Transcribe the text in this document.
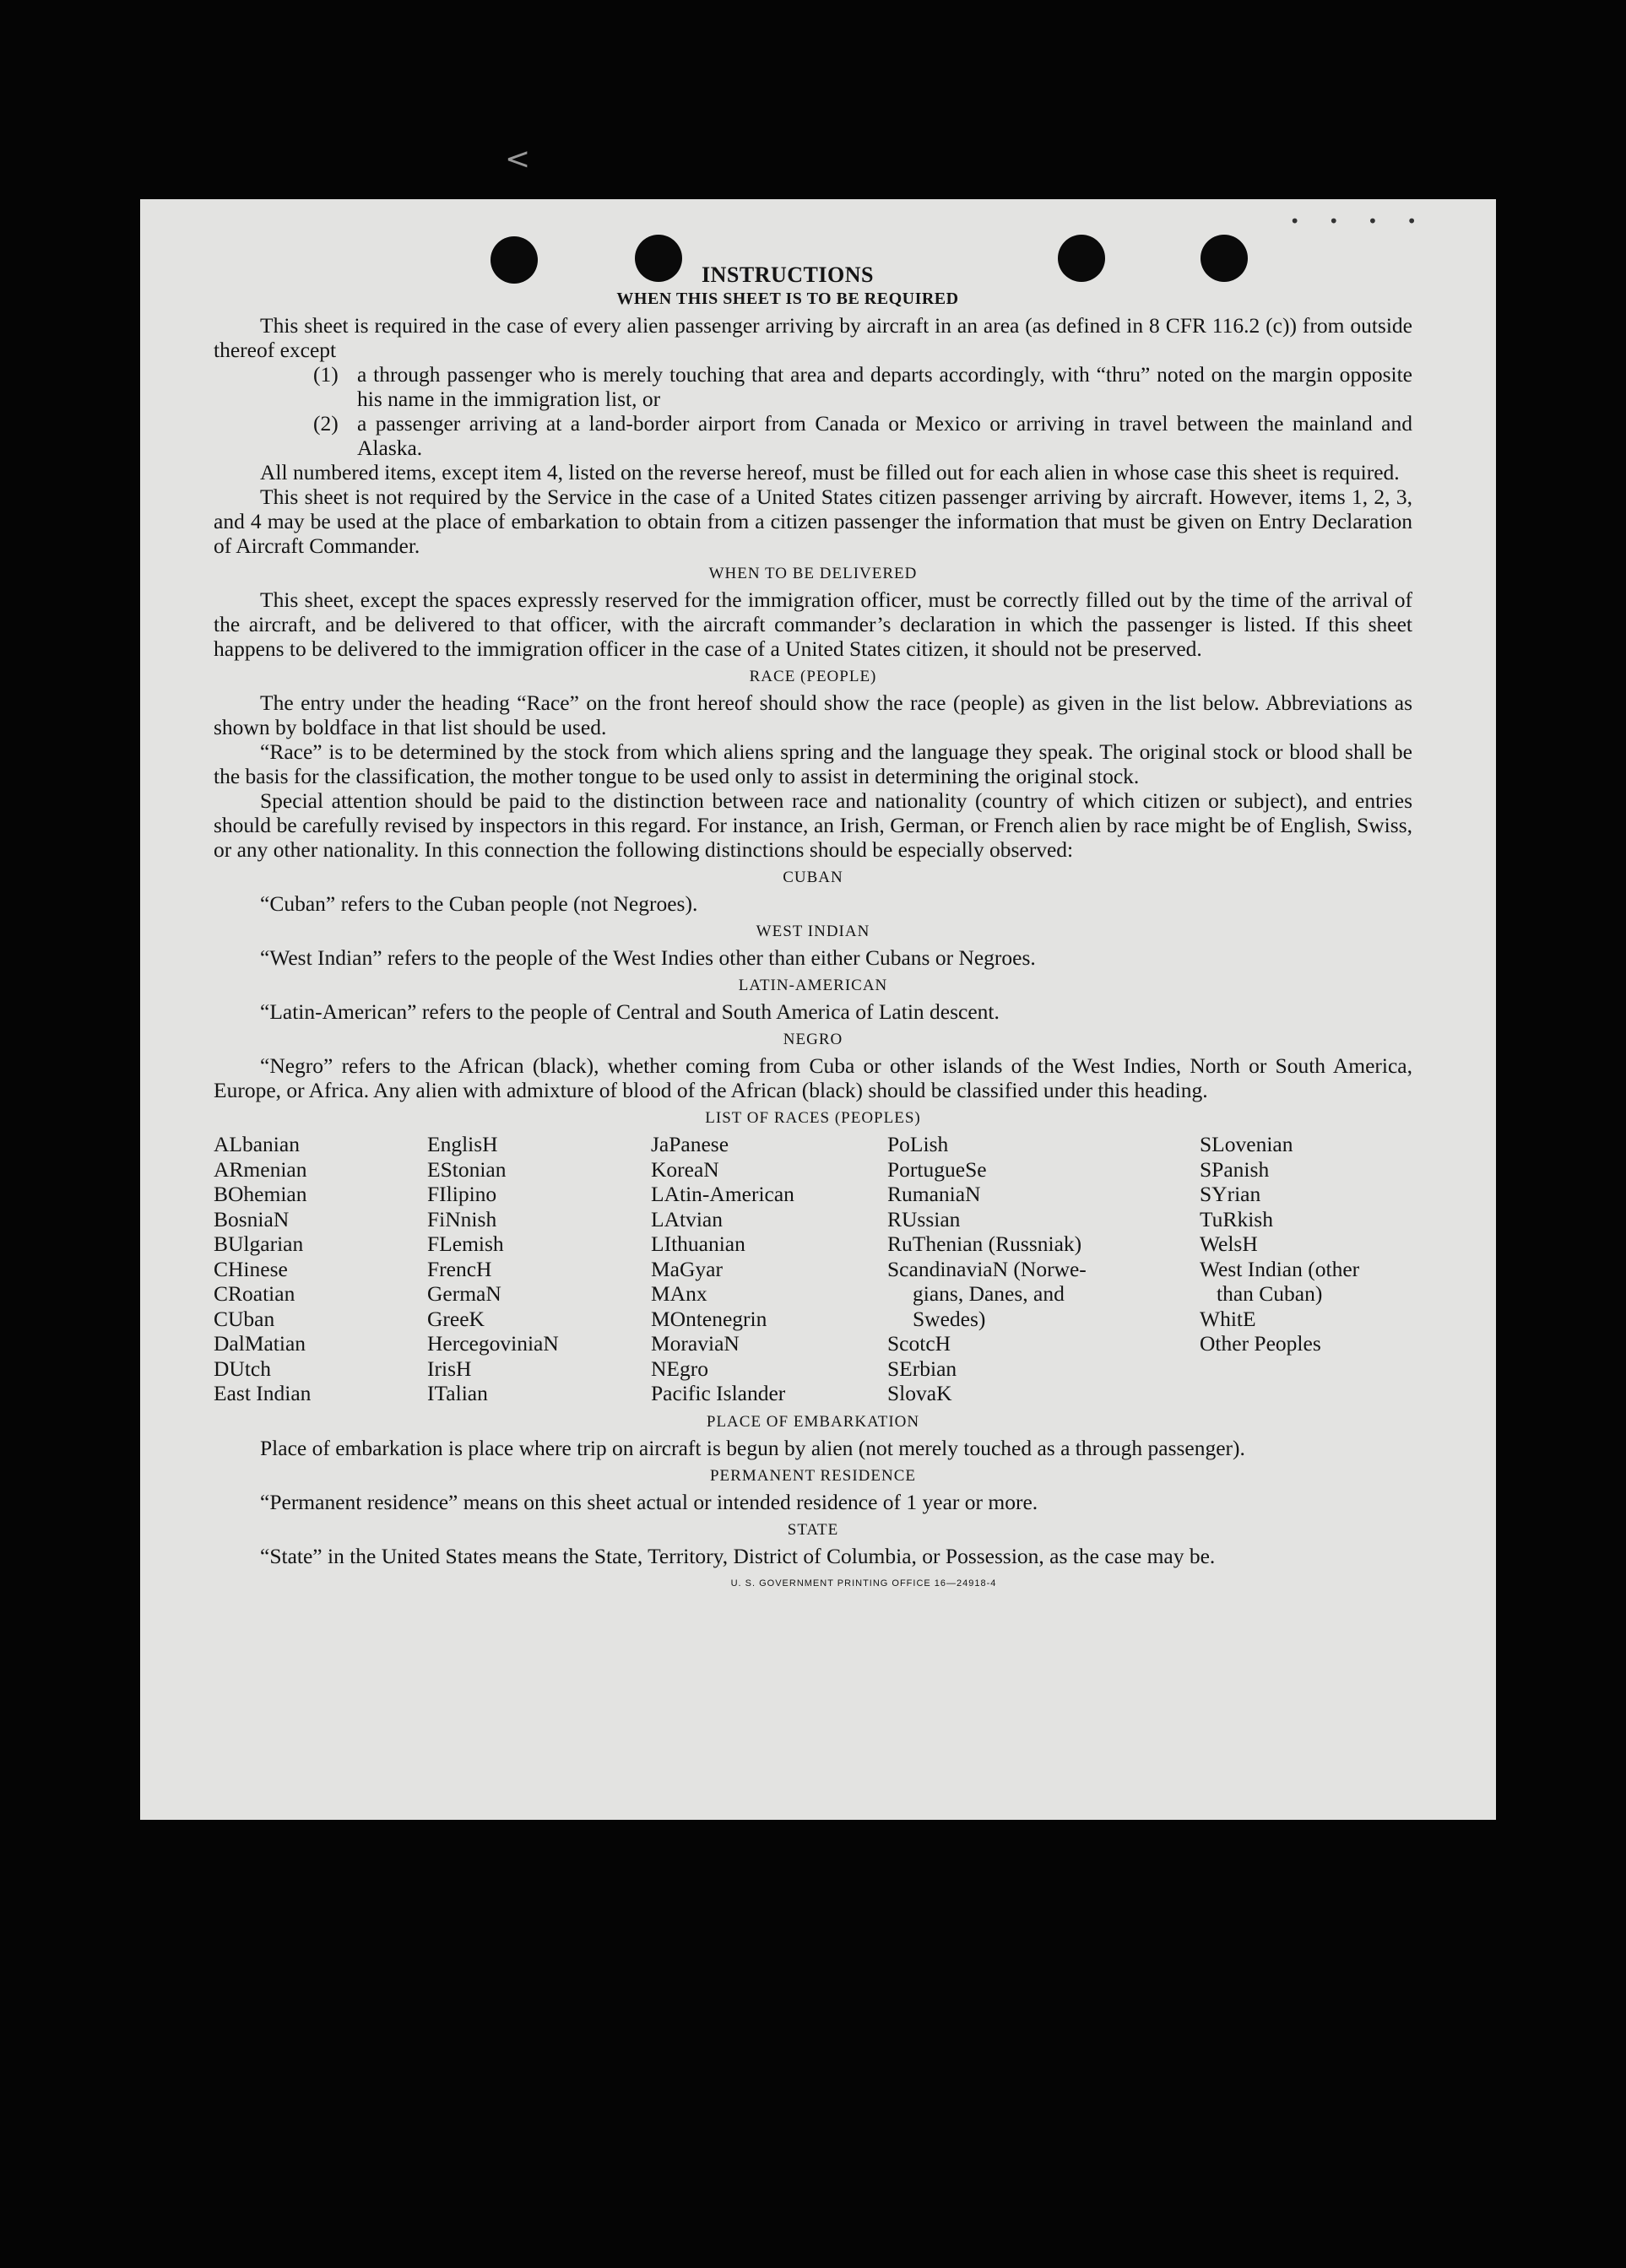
<
• • • •
INSTRUCTIONS
WHEN THIS SHEET IS TO BE REQUIRED

This sheet is required in the case of every alien passenger arriving by aircraft in an area (as defined in 8 CFR 116.2 (c)) from outside thereof except

(1) a through passenger who is merely touching that area and departs accordingly, with “thru” noted on the margin opposite his name in the immigration list, or
(2) a passenger arriving at a land-border airport from Canada or Mexico or arriving in travel between the mainland and Alaska.

All numbered items, except item 4, listed on the reverse hereof, must be filled out for each alien in whose case this sheet is required.

This sheet is not required by the Service in the case of a United States citizen passenger arriving by aircraft. However, items 1, 2, 3, and 4 may be used at the place of embarkation to obtain from a citizen passenger the information that must be given on Entry Declaration of Aircraft Commander.

WHEN TO BE DELIVERED

This sheet, except the spaces expressly reserved for the immigration officer, must be correctly filled out by the time of the arrival of the aircraft, and be delivered to that officer, with the aircraft commander’s declaration in which the passenger is listed. If this sheet happens to be delivered to the immigration officer in the case of a United States citizen, it should not be preserved.

RACE (PEOPLE)

The entry under the heading “Race” on the front hereof should show the race (people) as given in the list below. Abbreviations as shown by boldface in that list should be used.

“Race” is to be determined by the stock from which aliens spring and the language they speak. The original stock or blood shall be the basis for the classification, the mother tongue to be used only to assist in determining the original stock.

Special attention should be paid to the distinction between race and nationality (country of which citizen or subject), and entries should be carefully revised by inspectors in this regard. For instance, an Irish, German, or French alien by race might be of English, Swiss, or any other nationality. In this connection the following distinctions should be especially observed:

CUBAN

“Cuban” refers to the Cuban people (not Negroes).

WEST INDIAN

“West Indian” refers to the people of the West Indies other than either Cubans or Negroes.

LATIN-AMERICAN

“Latin-American” refers to the people of Central and South America of Latin descent.

NEGRO

“Negro” refers to the African (black), whether coming from Cuba or other islands of the West Indies, North or South America, Europe, or Africa. Any alien with admixture of blood of the African (black) should be classified under this heading.

LIST OF RACES (PEOPLES)
ALbanian
ARmenian
BOhemian
BosniaN
BUlgarian
CHinese
CRoatian
CUban
DalMatian
DUtch
East Indian
EnglisH
EStonian
FIlipino
FiNnish
FLemish
FrencH
GermaN
GreeK
HercegoviniaN
IrisH
ITalian
JaPanese
KoreaN
LAtin-American
LAtvian
LIthuanian
MaGyar
MAnx
MOntenegrin
MoraviaN
NEgro
Pacific Islander
PoLish
PortugueSe
RumaniaN
RUssian
RuThenian (Russniak)
ScandinaviaN (Norwe-
gians, Danes, and
Swedes)
ScotcH
SErbian
SlovaK
SLovenian
SPanish
SYrian
TuRkish
WelsH
West Indian (other
than Cuban)
WhitE
Other Peoples
PLACE OF EMBARKATION

Place of embarkation is place where trip on aircraft is begun by alien (not merely touched as a through passenger).

PERMANENT RESIDENCE

“Permanent residence” means on this sheet actual or intended residence of 1 year or more.

STATE

“State” in the United States means the State, Territory, District of Columbia, or Possession, as the case may be.

U. S. GOVERNMENT PRINTING OFFICE 16—24918-4
